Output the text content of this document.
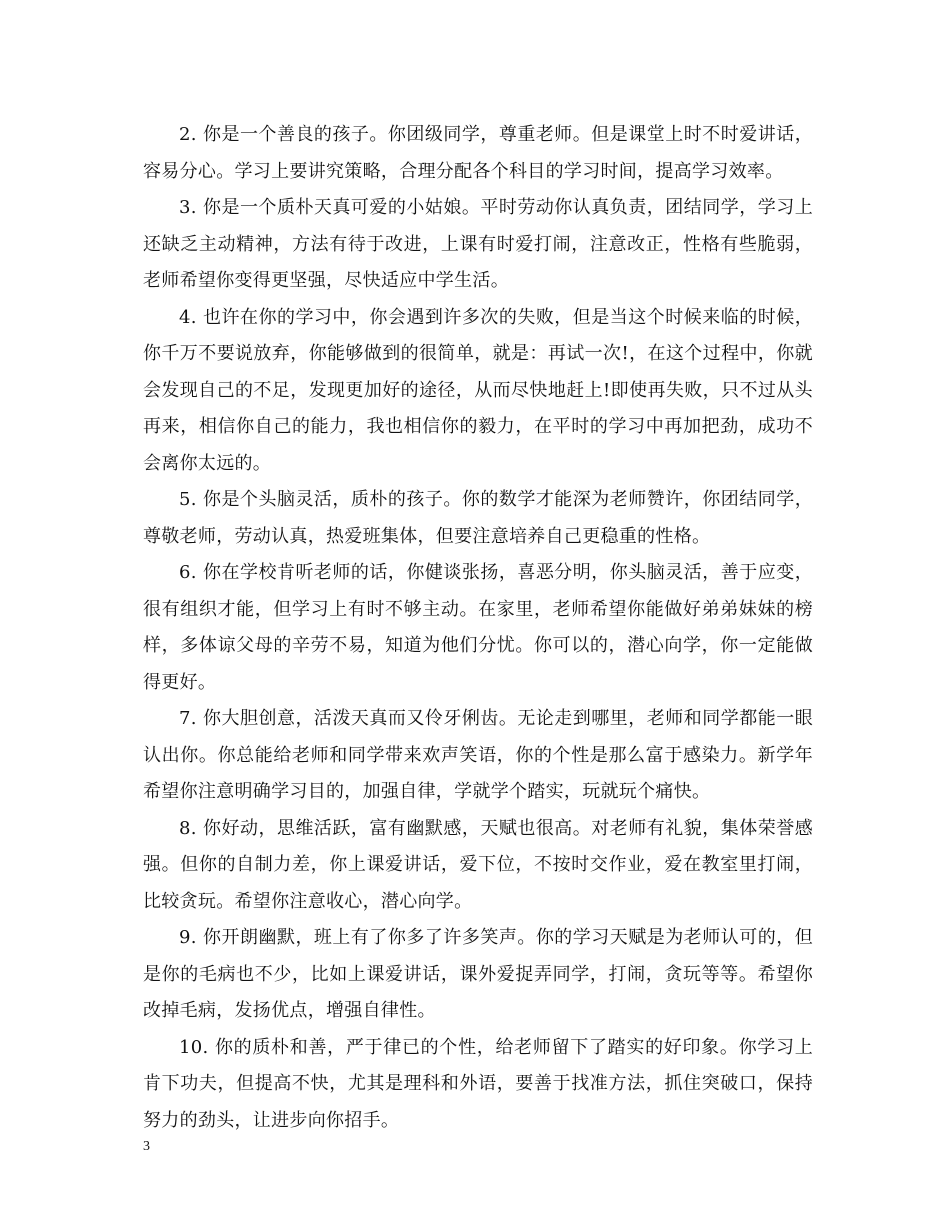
2. 你是一个善良的孩子。你团级同学，尊重老师。但是课堂上时不时爱讲话，容易分心。学习上要讲究策略，合理分配各个科目的学习时间，提高学习效率。

3. 你是一个质朴天真可爱的小姑娘。平时劳动你认真负责，团结同学，学习上还缺乏主动精神，方法有待于改进，上课有时爱打闹，注意改正，性格有些脆弱，老师希望你变得更坚强，尽快适应中学生活。

4. 也许在你的学习中，你会遇到许多次的失败，但是当这个时候来临的时候，你千万不要说放弃，你能够做到的很简单，就是：再试一次!，在这个过程中，你就会发现自己的不足，发现更加好的途径，从而尽快地赶上!即使再失败，只不过从头再来，相信你自己的能力，我也相信你的毅力，在平时的学习中再加把劲，成功不会离你太远的。

5. 你是个头脑灵活，质朴的孩子。你的数学才能深为老师赞许，你团结同学，尊敬老师，劳动认真，热爱班集体，但要注意培养自己更稳重的性格。

6. 你在学校肯听老师的话，你健谈张扬，喜恶分明，你头脑灵活，善于应变，很有组织才能，但学习上有时不够主动。在家里，老师希望你能做好弟弟妹妹的榜样，多体谅父母的辛劳不易，知道为他们分忧。你可以的，潜心向学，你一定能做得更好。

7. 你大胆创意，活泼天真而又伶牙俐齿。无论走到哪里，老师和同学都能一眼认出你。你总能给老师和同学带来欢声笑语，你的个性是那么富于感染力。新学年希望你注意明确学习目的，加强自律，学就学个踏实，玩就玩个痛快。

8. 你好动，思维活跃，富有幽默感，天赋也很高。对老师有礼貌，集体荣誉感强。但你的自制力差，你上课爱讲话，爱下位，不按时交作业，爱在教室里打闹，比较贪玩。希望你注意收心，潜心向学。

9. 你开朗幽默，班上有了你多了许多笑声。你的学习天赋是为老师认可的，但是你的毛病也不少，比如上课爱讲话，课外爱捉弄同学，打闹，贪玩等等。希望你改掉毛病，发扬优点，增强自律性。

10. 你的质朴和善，严于律已的个性，给老师留下了踏实的好印象。你学习上肯下功夫，但提高不快，尤其是理科和外语，要善于找准方法，抓住突破口，保持努力的劲头，让进步向你招手。

3
